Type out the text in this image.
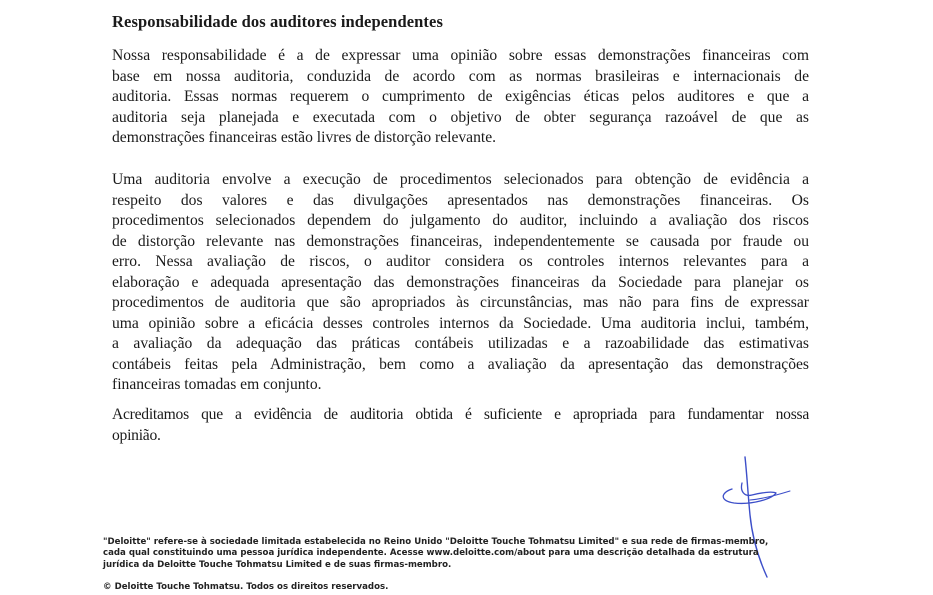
Responsabilidade dos auditores independentes
Nossa responsabilidade é a de expressar uma opinião sobre essas demonstrações financeiras com
base em nossa auditoria, conduzida de acordo com as normas brasileiras e internacionais de
auditoria. Essas normas requerem o cumprimento de exigências éticas pelos auditores e que a
auditoria seja planejada e executada com o objetivo de obter segurança razoável de que as
demonstrações financeiras estão livres de distorção relevante.
Uma auditoria envolve a execução de procedimentos selecionados para obtenção de evidência a
respeito dos valores e das divulgações apresentados nas demonstrações financeiras. Os
procedimentos selecionados dependem do julgamento do auditor, incluindo a avaliação dos riscos
de distorção relevante nas demonstrações financeiras, independentemente se causada por fraude ou
erro. Nessa avaliação de riscos, o auditor considera os controles internos relevantes para a
elaboração e adequada apresentação das demonstrações financeiras da Sociedade para planejar os
procedimentos de auditoria que são apropriados às circunstâncias, mas não para fins de expressar
uma opinião sobre a eficácia desses controles internos da Sociedade. Uma auditoria inclui, também,
a avaliação da adequação das práticas contábeis utilizadas e a razoabilidade das estimativas
contábeis feitas pela Administração, bem como a avaliação da apresentação das demonstrações
financeiras tomadas em conjunto.
Acreditamos que a evidência de auditoria obtida é suficiente e apropriada para fundamentar nossa
opinião.
"Deloitte" refere-se à sociedade limitada estabelecida no Reino Unido "Deloitte Touche Tohmatsu Limited" e sua rede de firmas-membro,
cada qual constituindo uma pessoa jurídica independente. Acesse www.deloitte.com/about para uma descrição detalhada da estrutura
jurídica da Deloitte Touche Tohmatsu Limited e de suas firmas-membro.
© Deloitte Touche Tohmatsu. Todos os direitos reservados.
